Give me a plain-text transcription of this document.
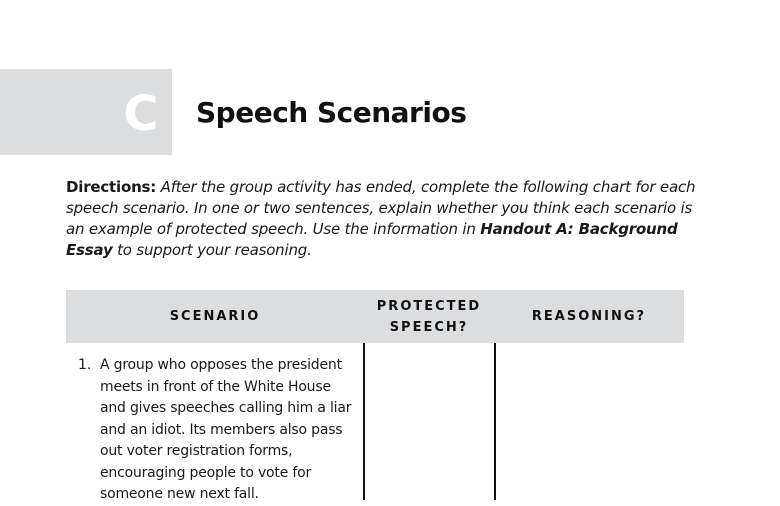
C Speech Scenarios
Directions: After the group activity has ended, complete the following chart for each speech scenario. In one or two sentences, explain whether you think each scenario is an example of protected speech. Use the information in Handout A: Background Essay to support your reasoning.
SCENARIO
PROTECTED SPEECH?
REASONING?
1. A group who opposes the president meets in front of the White House and gives speeches calling him a liar and an idiot. Its members also pass out voter registration forms, encouraging people to vote for someone new next fall.
